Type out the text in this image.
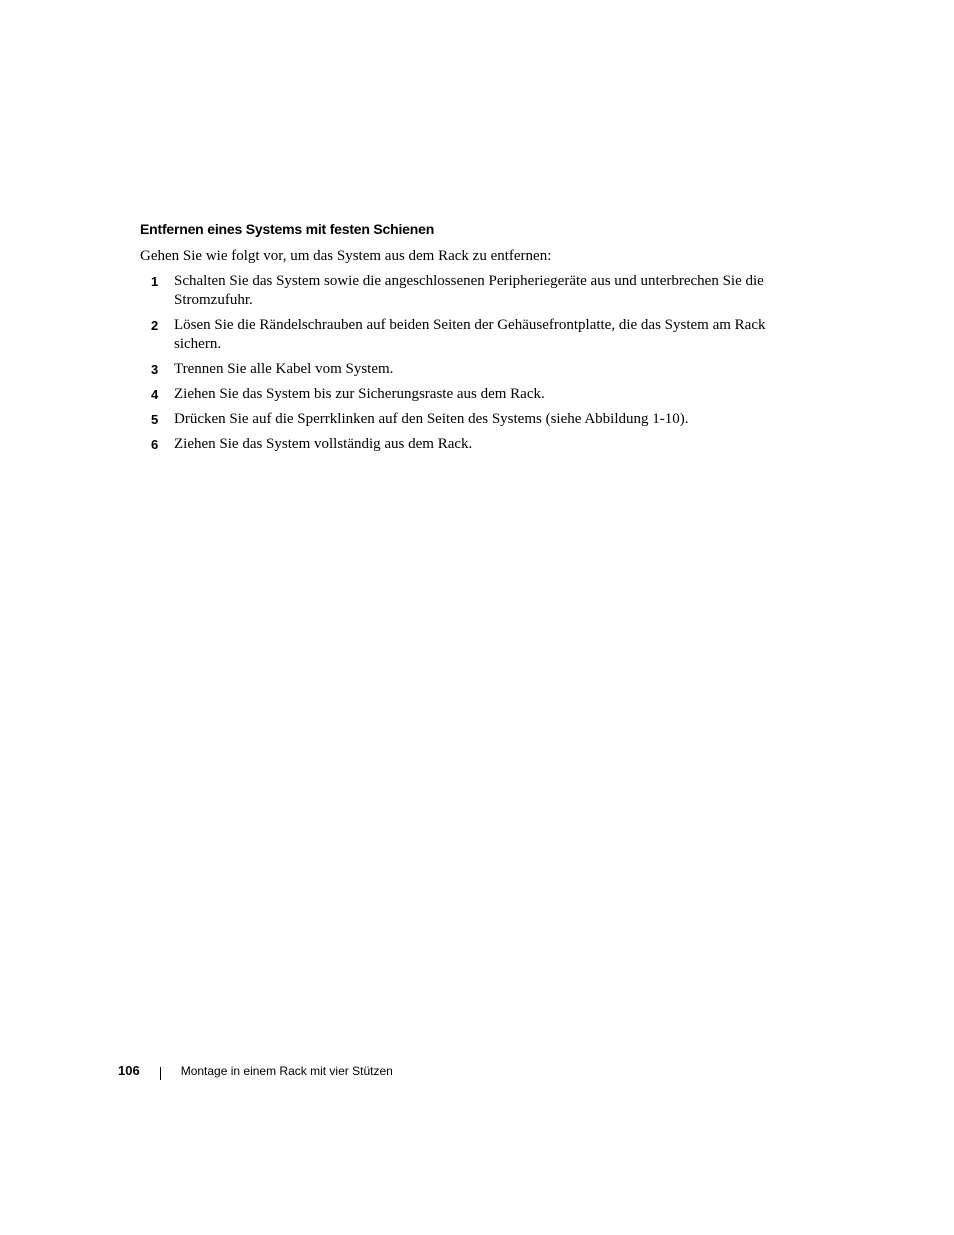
Entfernen eines Systems mit festen Schienen

Gehen Sie wie folgt vor, um das System aus dem Rack zu entfernen:

1 Schalten Sie das System sowie die angeschlossenen Peripheriegeräte aus und unterbrechen Sie die Stromzufuhr.
2 Lösen Sie die Rändelschrauben auf beiden Seiten der Gehäusefrontplatte, die das System am Rack sichern.
3 Trennen Sie alle Kabel vom System.
4 Ziehen Sie das System bis zur Sicherungsraste aus dem Rack.
5 Drücken Sie auf die Sperrklinken auf den Seiten des Systems (siehe Abbildung 1-10).
6 Ziehen Sie das System vollständig aus dem Rack.
106	Montage in einem Rack mit vier Stützen
